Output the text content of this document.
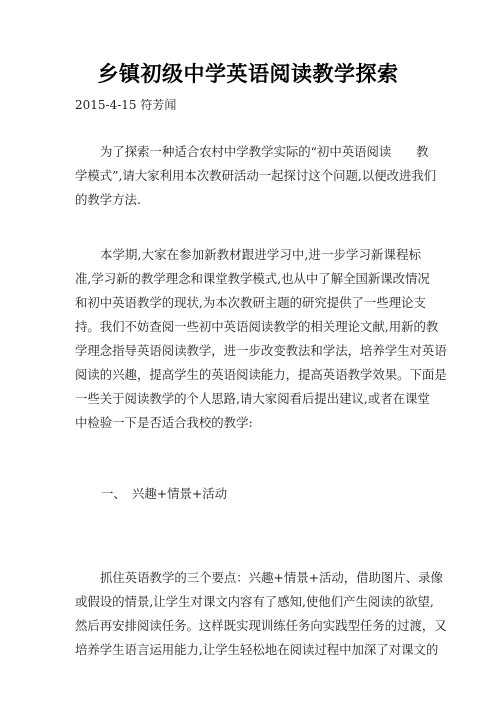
乡镇初级中学英语阅读教学探索
2015-4-15 符芳闻
为了探索一种适合农村中学教学实际的“初中英语阅读　　教
学模式”,请大家利用本次教研活动一起探讨这个问题,以便改进我们
的教学方法.
本学期,大家在参加新教材跟进学习中,进一步学习新课程标
准,学习新的教学理念和课堂教学模式,也从中了解全国新课改情况
和初中英语教学的现状,为本次教研主题的研究提供了一些理论支
持。我们不妨查阅一些初中英语阅读教学的相关理论文献,用新的教
学理念指导英语阅读教学，进一步改变教法和学法，培养学生对英语
阅读的兴趣，提高学生的英语阅读能力，提高英语教学效果。下面是
一些关于阅读教学的个人思路,请大家阅看后提出建议,或者在课堂
中检验一下是否适合我校的教学:
一、　兴趣+情景+活动
抓住英语教学的三个要点：兴趣+情景+活动，借助图片、录像
或假设的情景,让学生对课文内容有了感知,使他们产生阅读的欲望,
然后再安排阅读任务。这样既实现训练任务向实践型任务的过渡，又
培养学生语言运用能力,让学生轻松地在阅读过程中加深了对课文的
